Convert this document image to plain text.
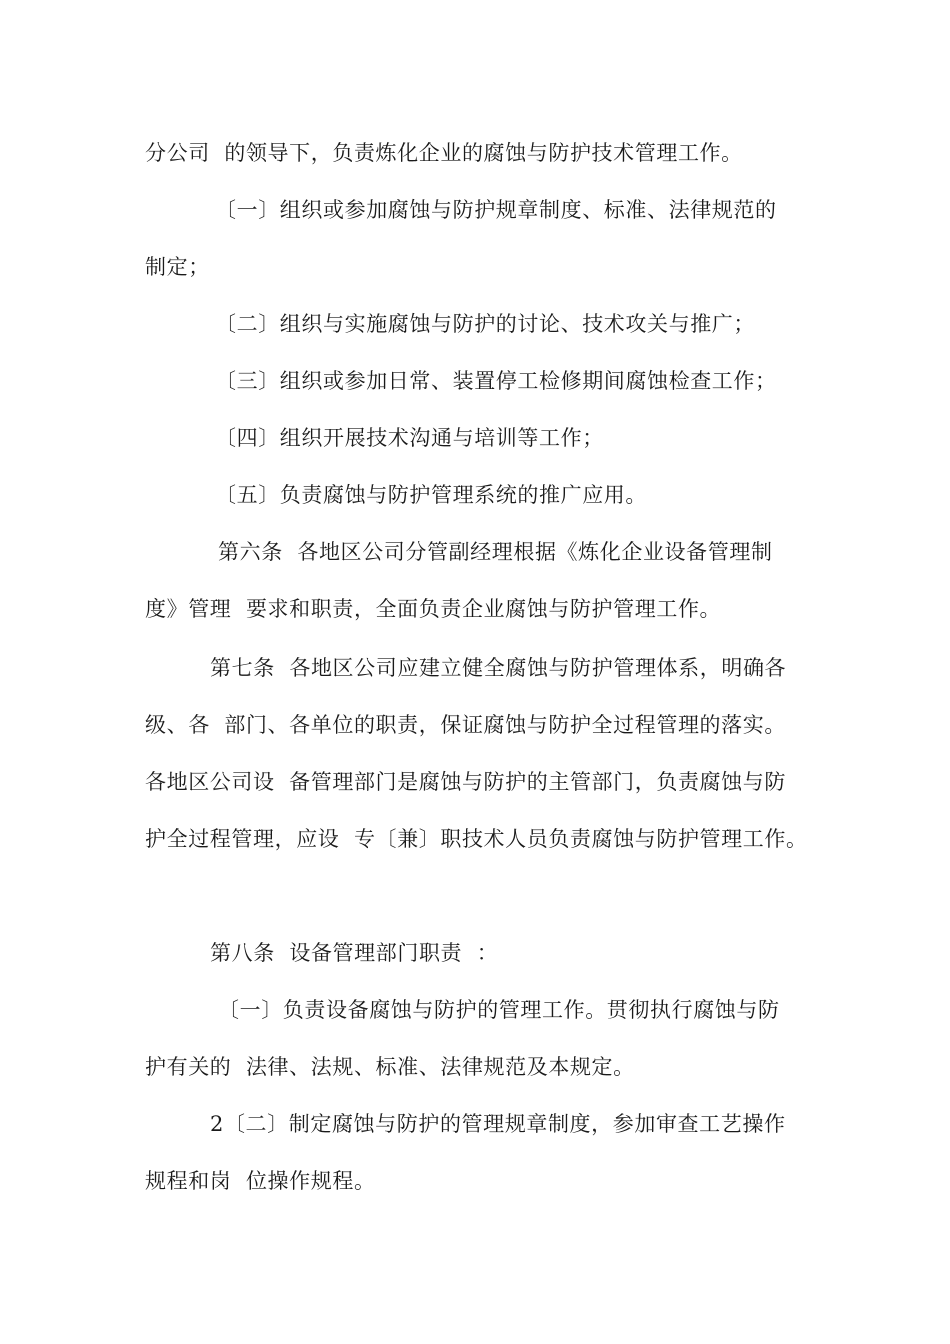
分公司  的领导下，负责炼化企业的腐蚀与防护技术管理工作。
〔一〕组织或参加腐蚀与防护规章制度、标准、法律规范的
制定；
〔二〕组织与实施腐蚀与防护的讨论、技术攻关与推广；
〔三〕组织或参加日常、装置停工检修期间腐蚀检查工作；
〔四〕组织开展技术沟通与培训等工作；
〔五〕负责腐蚀与防护管理系统的推广应用。
第六条  各地区公司分管副经理根据《炼化企业设备管理制
度》管理  要求和职责，全面负责企业腐蚀与防护管理工作。
第七条  各地区公司应建立健全腐蚀与防护管理体系，明确各
级、各  部门、各单位的职责，保证腐蚀与防护全过程管理的落实。
各地区公司设  备管理部门是腐蚀与防护的主管部门，负责腐蚀与防
护全过程管理，应设  专〔兼〕职技术人员负责腐蚀与防护管理工作。
第八条  设备管理部门职责  ：
〔一〕负责设备腐蚀与防护的管理工作。贯彻执行腐蚀与防
护有关的  法律、法规、标准、法律规范及本规定。
2〔二〕制定腐蚀与防护的管理规章制度，参加审查工艺操作
规程和岗  位操作规程。
